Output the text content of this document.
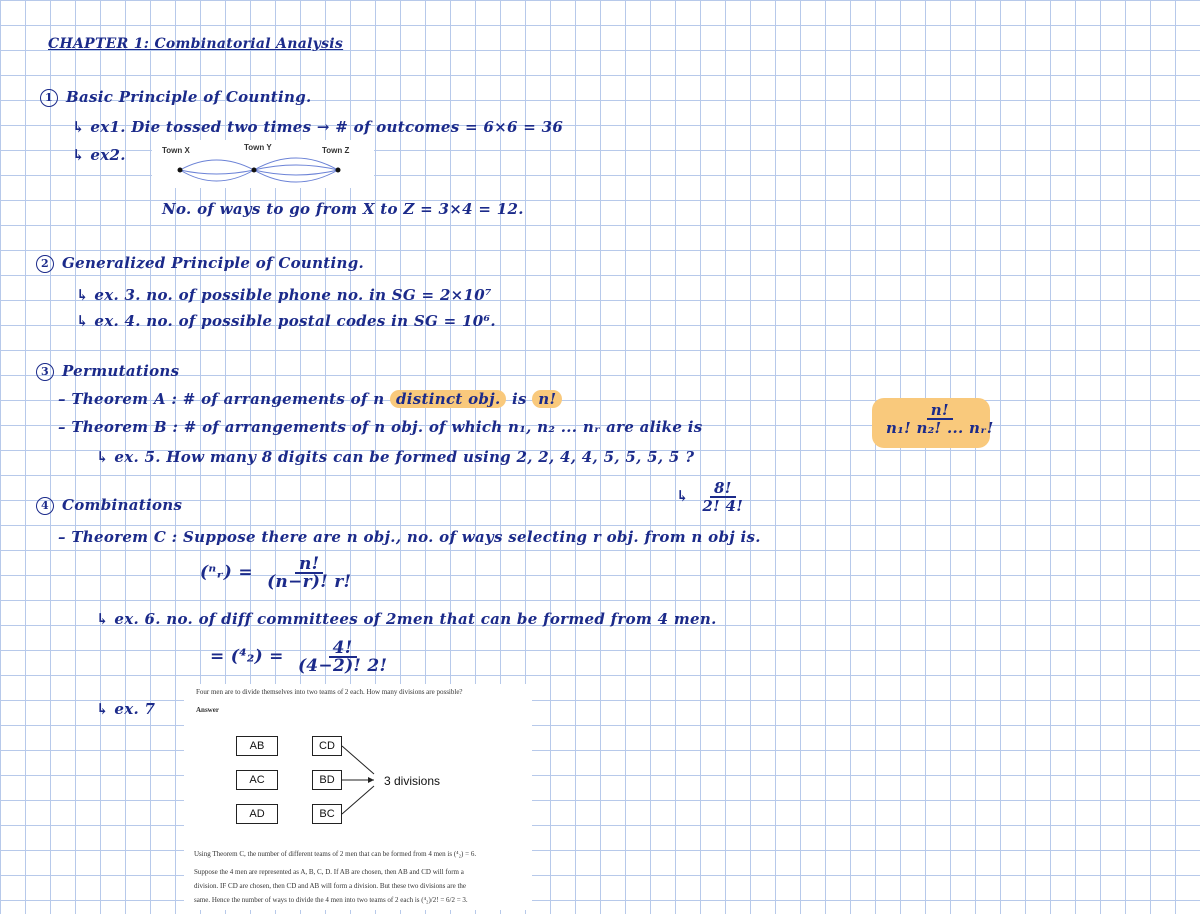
CHAPTER 1: Combinatorial Analysis
1 Basic Principle of Counting.
↳ ex1. Die tossed two times → # of outcomes = 6×6 = 36
↳ ex2.	Town X	Town Y	Town Z
No. of ways to go from X to Z = 3×4 = 12.
2 Generalized Principle of Counting.
↳ ex. 3. no. of possible phone no. in SG = 2×10⁷
↳ ex. 4. no. of possible postal codes in SG = 10⁶.
3 Permutations
– Theorem A : # of arrangements of n distinct obj. is n!
– Theorem B : # of arrangements of n obj. of which n₁, n₂ ... nᵣ are alike is	$\frac{n!}{\text{n₁! n₂! ... nᵣ!}}$
↳ ex. 5. How many 8 digits can be formed using 2, 2, 4, 4, 5, 5, 5, 5 ?
↳ $\frac{8!}{2! 4!}$
4 Combinations
– Theorem C : Suppose there are n obj., no. of ways selecting r obj. from n obj is.
(ⁿᵣ) = $\frac{n!}{(n-r)! r!}$
↳ ex. 6. no. of diff committees of 2men that can be formed from 4 men.
= $(^4_2) = \frac{4!}{(4-2)! 2!}$
↳ ex. 7
Four men are to divide themselves into two teams of 2 each. How many divisions are possible?
Answer
AB	CD
AC	BD
AD	BC
3 divisions
Using Theorem C, the number of different teams of 2 men that can be formed from 4 men is (⁴₂) = 6.
Suppose the 4 men are represented as A, B, C, D. If AB are chosen, then AB and CD will form a
division. IF CD are chosen, then CD and AB will form a division. But these two divisions are the
same. Hence the number of ways to divide the 4 men into two teams of 2 each is (⁴₂)/2! = 6/2 = 3.
